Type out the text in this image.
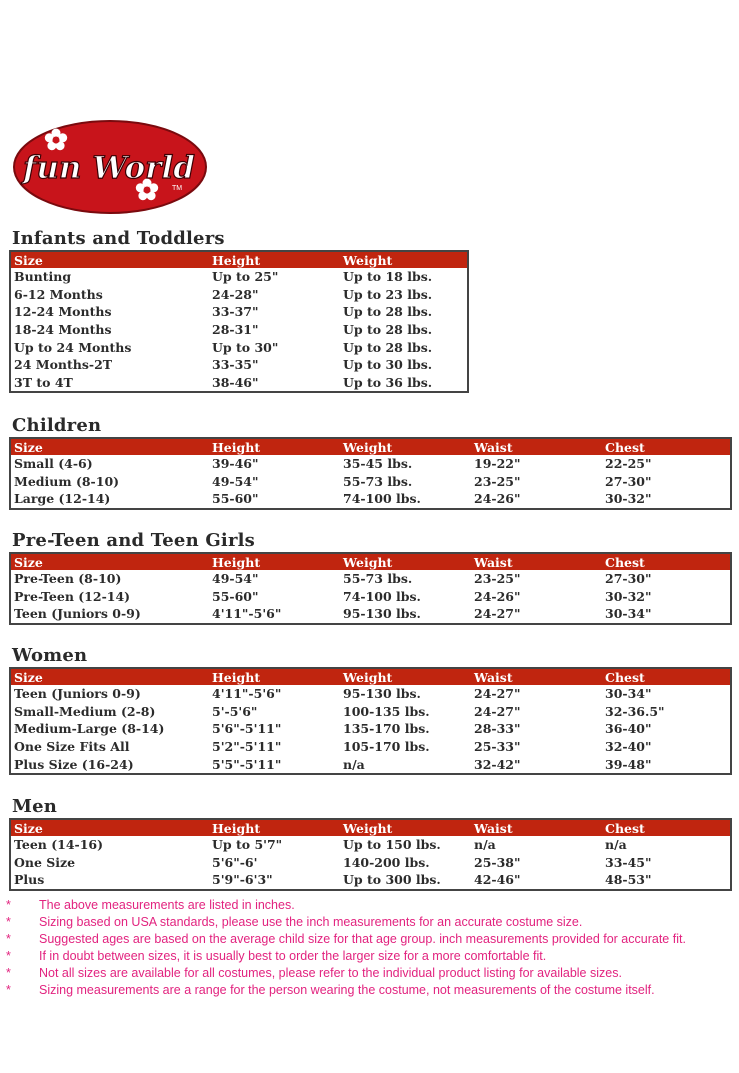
fun World
TM
Infants and Toddlers
Size	Height	Weight
Bunting	Up to 25"	Up to 18 lbs.
6-12 Months	24-28"	Up to 23 lbs.
12-24 Months	33-37"	Up to 28 lbs.
18-24 Months	28-31"	Up to 28 lbs.
Up to 24 Months	Up to 30"	Up to 28 lbs.
24 Months-2T	33-35"	Up to 30 lbs.
3T to 4T	38-46"	Up to 36 lbs.
Children
Size	Height	Weight	Waist	Chest
Small (4-6)	39-46"	35-45 lbs.	19-22"	22-25"
Medium (8-10)	49-54"	55-73 lbs.	23-25"	27-30"
Large (12-14)	55-60"	74-100 lbs.	24-26"	30-32"
Pre-Teen and Teen Girls
Size	Height	Weight	Waist	Chest
Pre-Teen (8-10)	49-54"	55-73 lbs.	23-25"	27-30"
Pre-Teen (12-14)	55-60"	74-100 lbs.	24-26"	30-32"
Teen (Juniors 0-9)	4'11"-5'6"	95-130 lbs.	24-27"	30-34"
Women
Size	Height	Weight	Waist	Chest
Teen (Juniors 0-9)	4'11"-5'6"	95-130 lbs.	24-27"	30-34"
Small-Medium (2-8)	5'-5'6"	100-135 lbs.	24-27"	32-36.5"
Medium-Large (8-14)	5'6"-5'11"	135-170 lbs.	28-33"	36-40"
One Size Fits All	5'2"-5'11"	105-170 lbs.	25-33"	32-40"
Plus Size (16-24)	5'5"-5'11"	n/a	32-42"	39-48"
Men
Size	Height	Weight	Waist	Chest
Teen (14-16)	Up to 5'7"	Up to 150 lbs.	n/a	n/a
One Size	5'6"-6'	140-200 lbs.	25-38"	33-45"
Plus	5'9"-6'3"	Up to 300 lbs.	42-46"	48-53"
* The above measurements are listed in inches.
* Sizing based on USA standards, please use the inch measurements for an accurate costume size.
* Suggested ages are based on the average child size for that age group. inch measurements provided for accurate fit.
* If in doubt between sizes, it is usually best to order the larger size for a more comfortable fit.
* Not all sizes are available for all costumes, please refer to the individual product listing for available sizes.
* Sizing measurements are a range for the person wearing the costume, not measurements of the costume itself.
